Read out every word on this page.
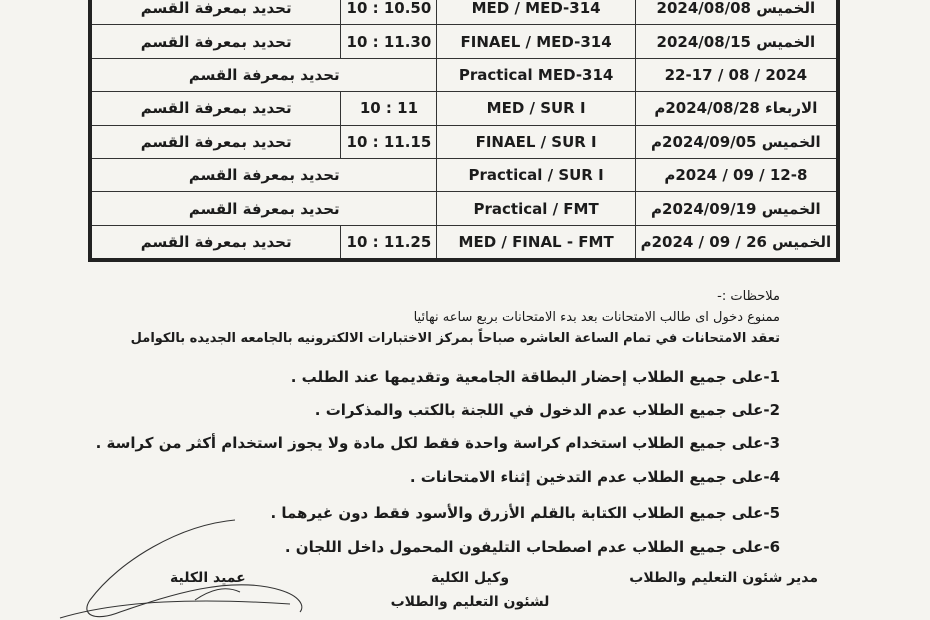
الخميس 2024/08/08	MED / MED-314	10 : 10.50	تحديد بمعرفة القسم
الخميس 2024/08/15	FINAEL / MED-314	10 : 11.30	تحديد بمعرفة القسم
2024 / 08 / 22-17	Practical MED-314	تحديد بمعرفة القسم	
الاربعاء 2024/08/28م	MED / SUR I	10 : 11	تحديد بمعرفة القسم
الخميس 2024/09/05م	FINAEL / SUR I	10 : 11.15	تحديد بمعرفة القسم
12-8 / 09 / 2024م	Practical / SUR I	تحديد بمعرفة القسم	
الخميس 2024/09/19م	Practical / FMT	تحديد بمعرفة القسم	
الخميس 26 / 09 / 2024م	MED / FINAL - FMT	10 : 11.25	تحديد بمعرفة القسم
ملاحظات :-
ممنوع دخول اى طالب الامتحانات بعد بدء الامتحانات بربع ساعه نهائيا
تعقد الامتحانات في تمام الساعة العاشره صباحاً بمركز الاختبارات الالكترونيه بالجامعه الجديده بالكوامل
1-على جميع الطلاب إحضار البطاقة الجامعية وتقديمها عند الطلب .
2-على جميع الطلاب عدم الدخول في اللجنة بالكتب والمذكرات .
3-على جميع الطلاب استخدام كراسة واحدة فقط لكل مادة ولا يجوز استخدام أكثر من كراسة .
4-على جميع الطلاب عدم التدخين إثناء الامتحانات .
5-على جميع الطلاب الكتابة بالقلم الأزرق والأسود فقط دون غيرهما .
6-على جميع الطلاب عدم اصطحاب التليفون المحمول داخل اللجان .
مدير شئون التعليم والطلاب
وكيل الكلية
لشئون التعليم والطلاب
عميد الكلية
